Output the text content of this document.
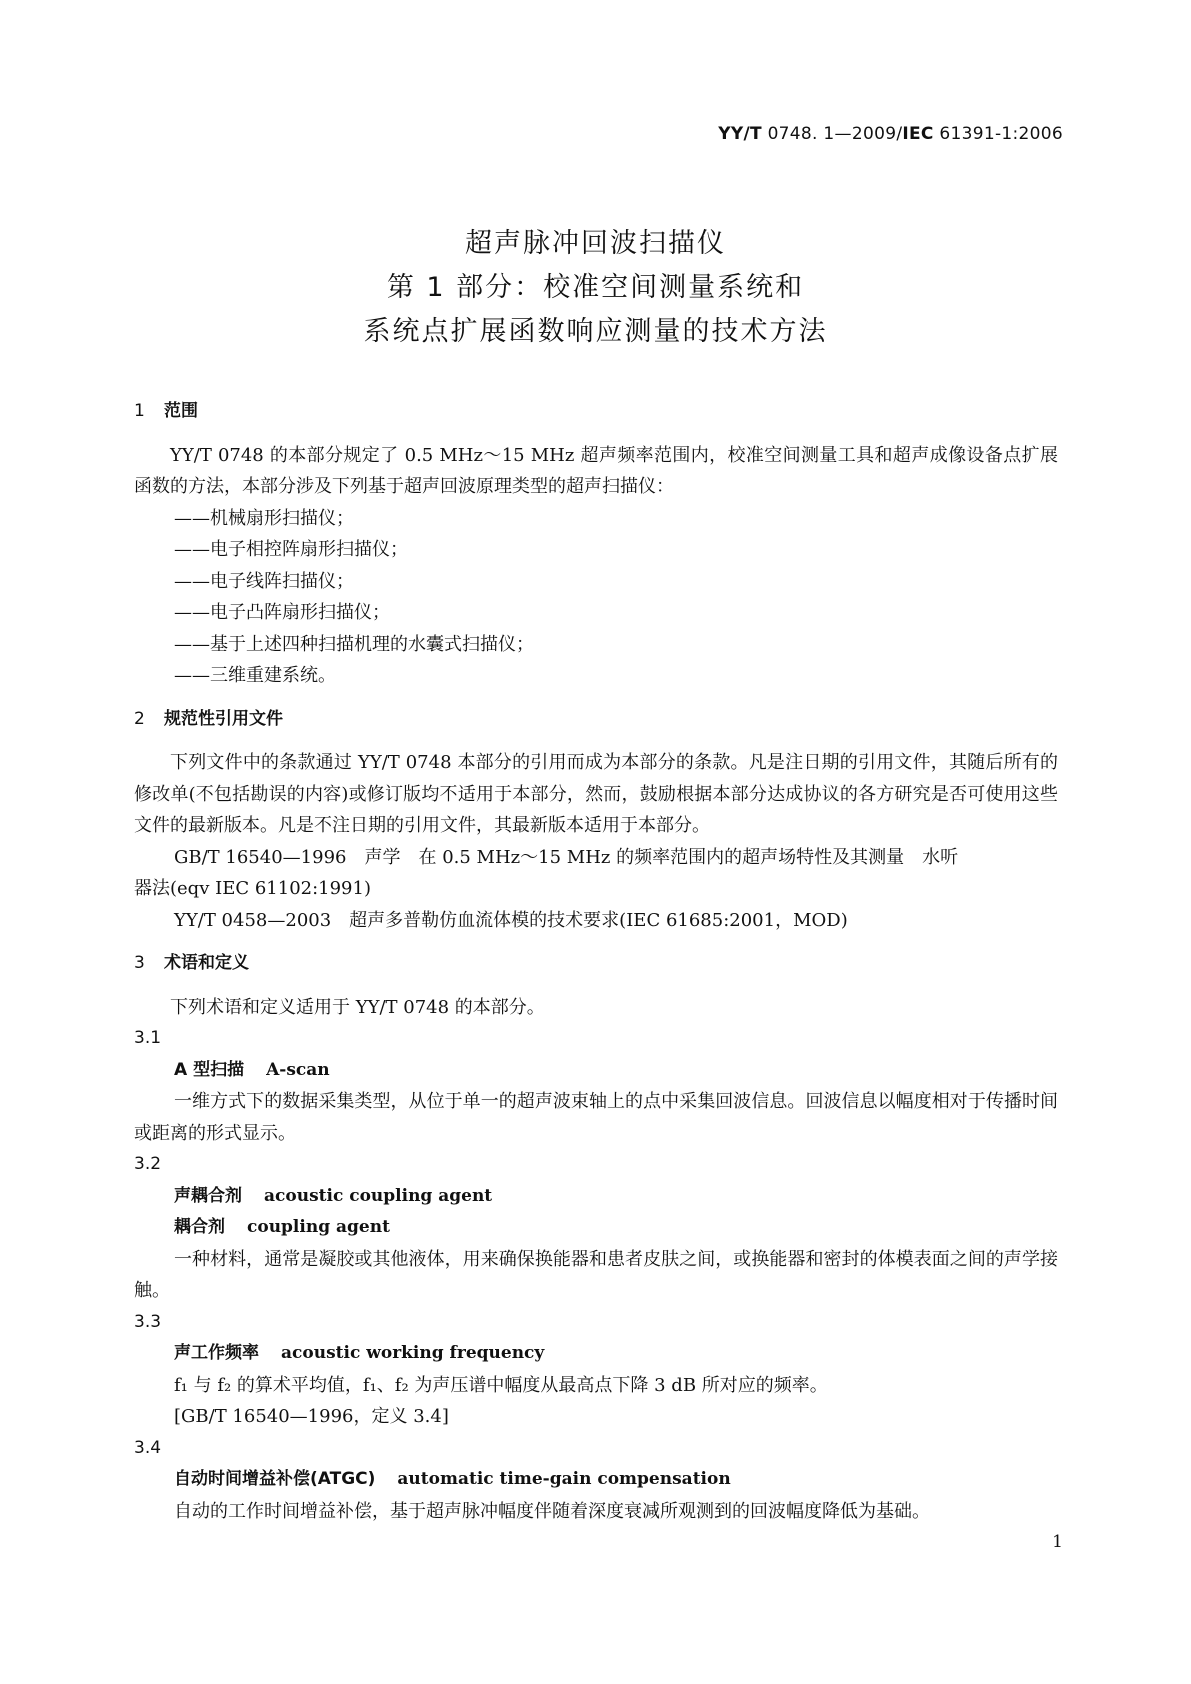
YY/T 0748. 1—2009/IEC 61391-1:2006
超声脉冲回波扫描仪
第 1 部分：校准空间测量系统和
系统点扩展函数响应测量的技术方法
1 范围

YY/T 0748 的本部分规定了 0.5 MHz～15 MHz 超声频率范围内，校准空间测量工具和超声成像设备点扩展函数的方法，本部分涉及下列基于超声回波原理类型的超声扫描仪：

——机械扇形扫描仪；
——电子相控阵扇形扫描仪；
——电子线阵扫描仪；
——电子凸阵扇形扫描仪；
——基于上述四种扫描机理的水囊式扫描仪；
——三维重建系统。
2 规范性引用文件

下列文件中的条款通过 YY/T 0748 本部分的引用而成为本部分的条款。凡是注日期的引用文件，其随后所有的修改单(不包括勘误的内容)或修订版均不适用于本部分，然而，鼓励根据本部分达成协议的各方研究是否可使用这些文件的最新版本。凡是不注日期的引用文件，其最新版本适用于本部分。

GB/T 16540—1996　声学　在 0.5 MHz～15 MHz 的频率范围内的超声场特性及其测量　水听
器法(eqv IEC 61102:1991)
YY/T 0458—2003　超声多普勒仿血流体模的技术要求(IEC 61685:2001，MOD)
3 术语和定义

下列术语和定义适用于 YY/T 0748 的本部分。

3.1
A 型扫描 A-scan
一维方式下的数据采集类型，从位于单一的超声波束轴上的点中采集回波信息。回波信息以幅度相对于传播时间或距离的形式显示。
3.2
声耦合剂 acoustic coupling agent
耦合剂 coupling agent
一种材料，通常是凝胶或其他液体，用来确保换能器和患者皮肤之间，或换能器和密封的体模表面之间的声学接触。
3.3
声工作频率 acoustic working frequency
f₁ 与 f₂ 的算术平均值，f₁、f₂ 为声压谱中幅度从最高点下降 3 dB 所对应的频率。
[GB/T 16540—1996，定义 3.4]
3.4
自动时间增益补偿(ATGC) automatic time-gain compensation
自动的工作时间增益补偿，基于超声脉冲幅度伴随着深度衰减所观测到的回波幅度降低为基础。
1
